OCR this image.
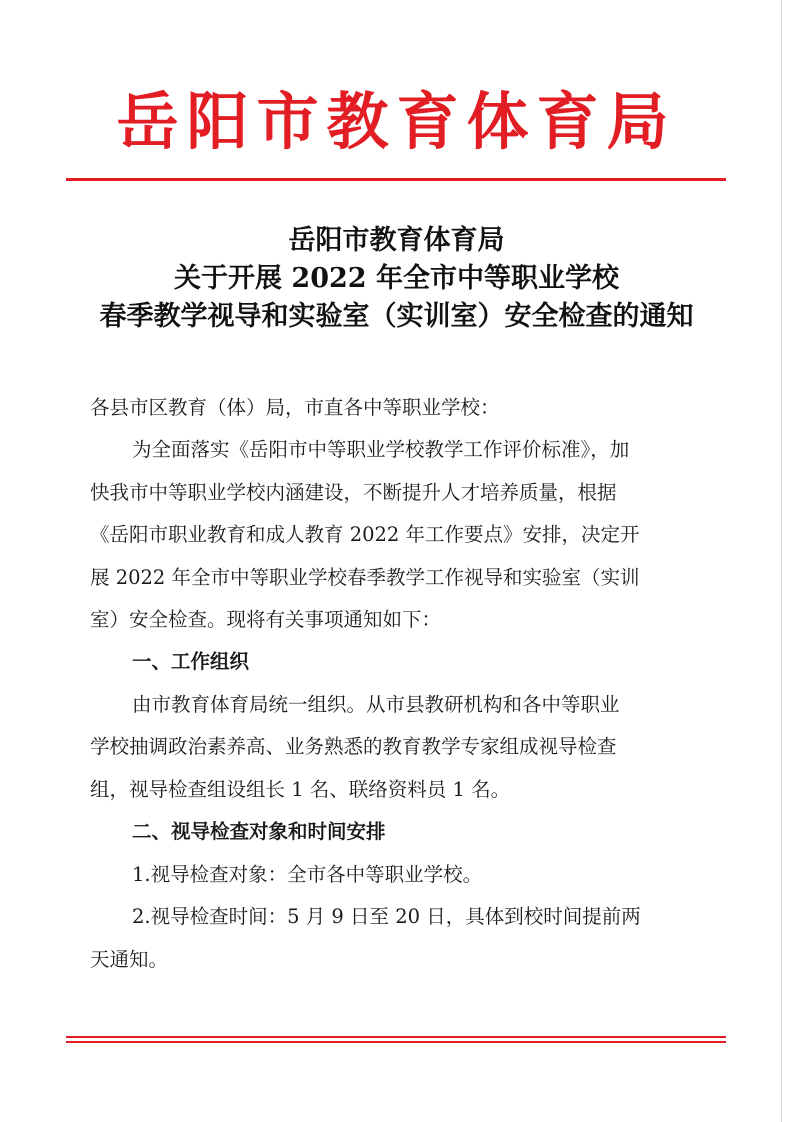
岳阳市教育体育局
岳阳市教育体育局
关于开展 2022 年全市中等职业学校
春季教学视导和实验室（实训室）安全检查的通知
各县市区教育（体）局，市直各中等职业学校：
为全面落实《岳阳市中等职业学校教学工作评价标准》，加
快我市中等职业学校内涵建设，不断提升人才培养质量，根据
《岳阳市职业教育和成人教育 2022 年工作要点》安排，决定开
展 2022 年全市中等职业学校春季教学工作视导和实验室（实训
室）安全检查。现将有关事项通知如下：
一、工作组织
由市教育体育局统一组织。从市县教研机构和各中等职业
学校抽调政治素养高、业务熟悉的教育教学专家组成视导检查
组，视导检查组设组长 1 名、联络资料员 1 名。
二、视导检查对象和时间安排
1.视导检查对象：全市各中等职业学校。
2.视导检查时间：5 月 9 日至 20 日，具体到校时间提前两
天通知。
